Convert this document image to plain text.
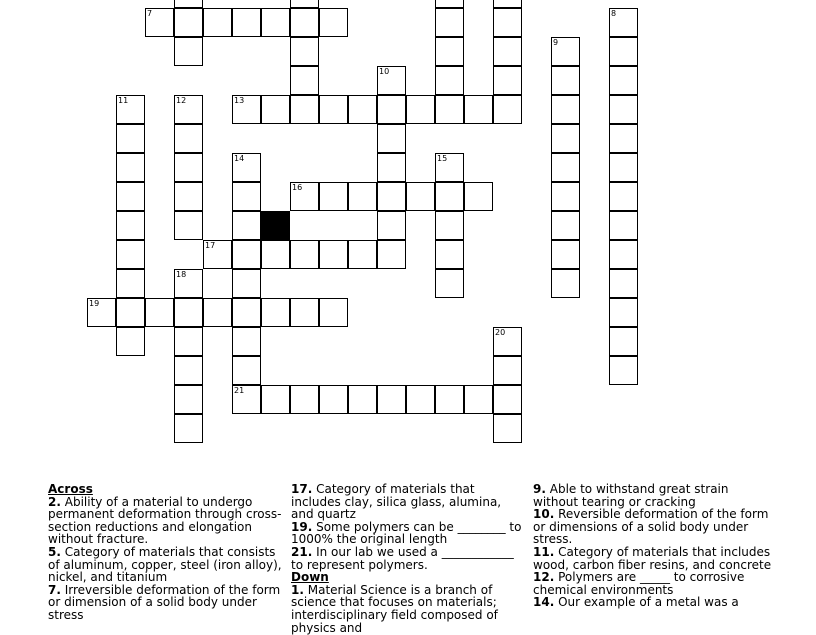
7
9
8
10
13
11	12
14	15
16
17
18
19
20
21
Across
2. Ability of a material to undergo permanent deformation through cross-section reductions and elongation without fracture.
5. Category of materials that consists of aluminum, copper, steel (iron alloy), nickel, and titanium
7. Irreversible deformation of the form or dimension of a solid body under stress
17. Category of materials that includes clay, silica glass, alumina, and quartz
19. Some polymers can be ________ to 1000% the original length
21. In our lab we used a ____________ to represent polymers.
Down
1. Material Science is a branch of science that focuses on materials; interdisciplinary field composed of physics and
9. Able to withstand great strain without tearing or cracking
10. Reversible deformation of the form or dimensions of a solid body under stress.
11. Category of materials that includes wood, carbon fiber resins, and concrete
12. Polymers are _____ to corrosive chemical environments
14. Our example of a metal was a
